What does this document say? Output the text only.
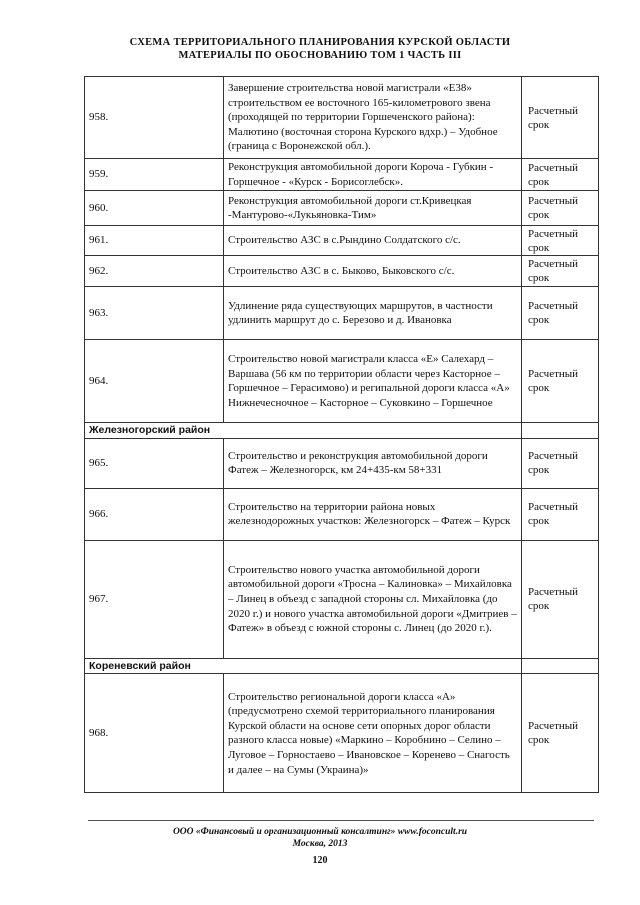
СХЕМА ТЕРРИТОРИАЛЬНОГО ПЛАНИРОВАНИЯ КУРСКОЙ ОБЛАСТИ
МАТЕРИАЛЫ ПО ОБОСНОВАНИЮ ТОМ 1 ЧАСТЬ III
958.	Завершение строительства новой магистрали «Е38» строительством ее восточного 165-километрового звена (проходящей по территории Горшеченского района): Малютино (восточная сторона Курского вдхр.) – Удобное (граница с Воронежской обл.).	Расчетный срок
959.	Реконструкция автомобильной дороги Короча - Губкин - Горшечное - «Курск - Борисоглебск».	Расчетный срок
960.	Реконструкция автомобильной дороги ст.Кривецкая -Мантурово-«Лукьяновка-Тим»	Расчетный срок
961.	Строительство АЗС в с.Рындино Солдатского с/с.	Расчетный срок
962.	Строительство АЗС в с. Быково, Быковского с/с.	Расчетный срок
963.	Удлинение ряда существующих маршрутов, в частности удлинить маршрут до с. Березово и д. Ивановка	Расчетный срок
964.	Строительство новой магистрали класса «Е» Салехард – Варшава (56 км по территории области через Касторное – Горшечное – Герасимово) и регипальной дороги класса «А» Нижнечесночное – Касторное – Суковкино – Горшечное	Расчетный срок
Железногорский район		
965.	Строительство и реконструкция автомобильной дороги Фатеж – Железногорск, км 24+435-км 58+331	Расчетный срок
966.	Строительство на территории района новых железнодорожных участков: Железногорск – Фатеж – Курск	Расчетный срок
967.	Строительство нового участка автомобильной дороги автомобильной дороги «Тросна – Калиновка» – Михайловка – Линец в объезд с западной стороны сл. Михайловка (до 2020 г.) и нового участка автомобильной дороги «Дмитриев – Фатеж» в объезд с южной стороны с. Линец (до 2020 г.).	Расчетный срок
Кореневский район		
968.	Строительство региональной дороги класса «А» (предусмотрено схемой территориального планирования Курской области на основе сети опорных дорог области разного класса новые) «Маркино – Коробнино – Селино – Луговое – Горностаево – Ивановское – Коренево – Снагость и далее – на Сумы (Украина)»	Расчетный срок
ООО «Финансовый и организационный консалтинг» www.foconcult.ru
Москва, 2013
120
